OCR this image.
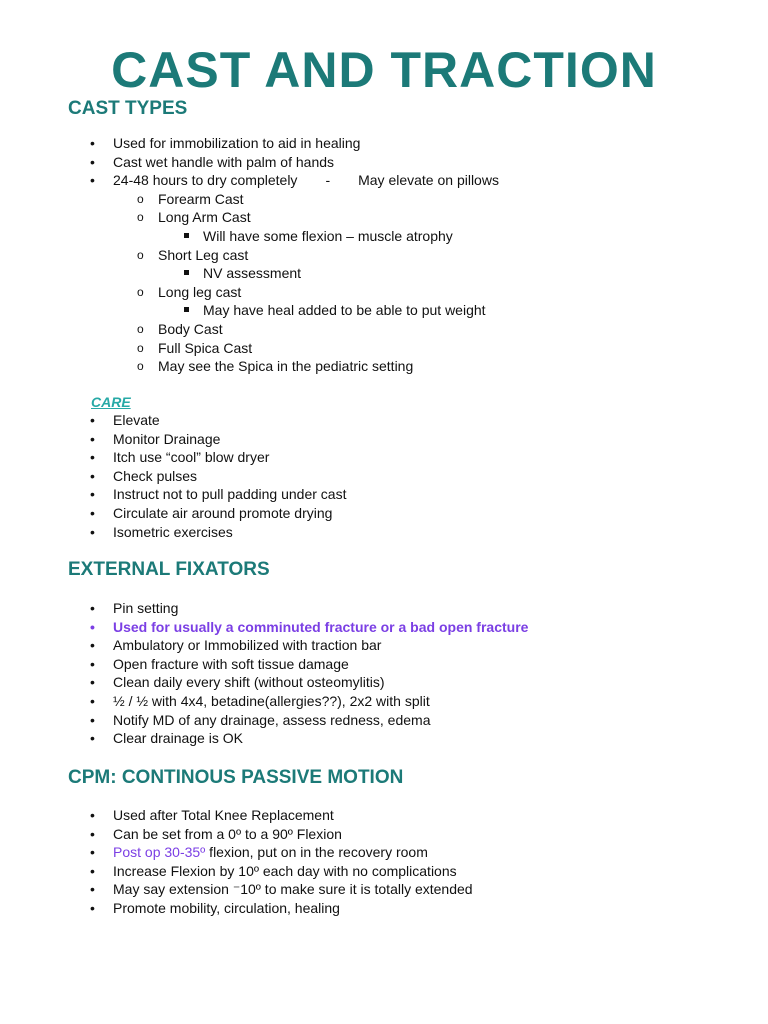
CAST AND TRACTION
CAST TYPES
• Used for immobilization to aid in healing
• Cast wet handle with palm of hands
• 24-48 hours to dry completely - May elevate on pillows
o Forearm Cast
o Long Arm Cast
Will have some flexion – muscle atrophy
o Short Leg cast
NV assessment
o Long leg cast
May have heal added to be able to put weight
o Body Cast
o Full Spica Cast
o May see the Spica in the pediatric setting
CARE
• Elevate
• Monitor Drainage
• Itch use “cool” blow dryer
• Check pulses
• Instruct not to pull padding under cast
• Circulate air around promote drying
• Isometric exercises
EXTERNAL FIXATORS
• Pin setting
• Used for usually a comminuted fracture or a bad open fracture
• Ambulatory or Immobilized with traction bar
• Open fracture with soft tissue damage
• Clean daily every shift (without osteomylitis)
• ½ / ½ with 4x4, betadine(allergies??), 2x2 with split
• Notify MD of any drainage, assess redness, edema
• Clear drainage is OK
CPM: CONTINOUS PASSIVE MOTION
• Used after Total Knee Replacement
• Can be set from a 0º to a 90º Flexion
• Post op 30-35º flexion, put on in the recovery room
• Increase Flexion by 10º each day with no complications
• May say extension ⁻10º to make sure it is totally extended
• Promote mobility, circulation, healing
